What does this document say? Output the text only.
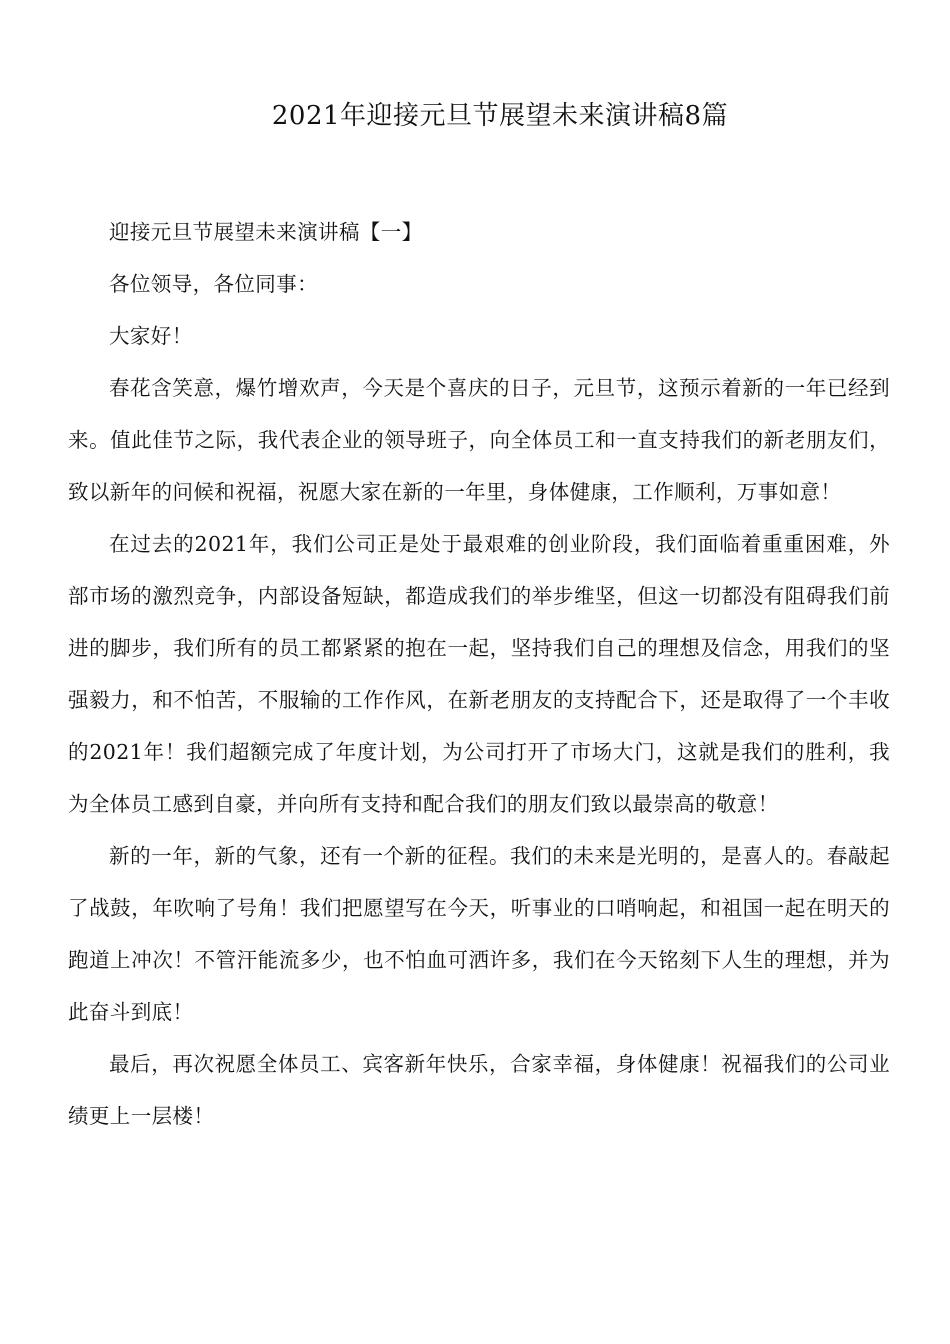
2021年迎接元旦节展望未来演讲稿8篇

迎接元旦节展望未来演讲稿【一】

各位领导，各位同事：

大家好！

春花含笑意，爆竹增欢声，今天是个喜庆的日子，元旦节，这预示着新的一年已经到来。值此佳节之际，我代表企业的领导班子，向全体员工和一直支持我们的新老朋友们，致以新年的问候和祝福，祝愿大家在新的一年里，身体健康，工作顺利，万事如意！

在过去的2021年，我们公司正是处于最艰难的创业阶段，我们面临着重重困难，外部市场的激烈竞争，内部设备短缺，都造成我们的举步维坚，但这一切都没有阻碍我们前进的脚步，我们所有的员工都紧紧的抱在一起，坚持我们自己的理想及信念，用我们的坚强毅力，和不怕苦，不服输的工作作风，在新老朋友的支持配合下，还是取得了一个丰收的2021年！我们超额完成了年度计划，为公司打开了市场大门，这就是我们的胜利，我为全体员工感到自豪，并向所有支持和配合我们的朋友们致以最崇高的敬意！

新的一年，新的气象，还有一个新的征程。我们的未来是光明的，是喜人的。春敲起了战鼓，年吹响了号角！我们把愿望写在今天，听事业的口哨响起，和祖国一起在明天的跑道上冲次！不管汗能流多少，也不怕血可洒许多，我们在今天铭刻下人生的理想，并为此奋斗到底！

最后，再次祝愿全体员工、宾客新年快乐，合家幸福，身体健康！祝福我们的公司业绩更上一层楼！
